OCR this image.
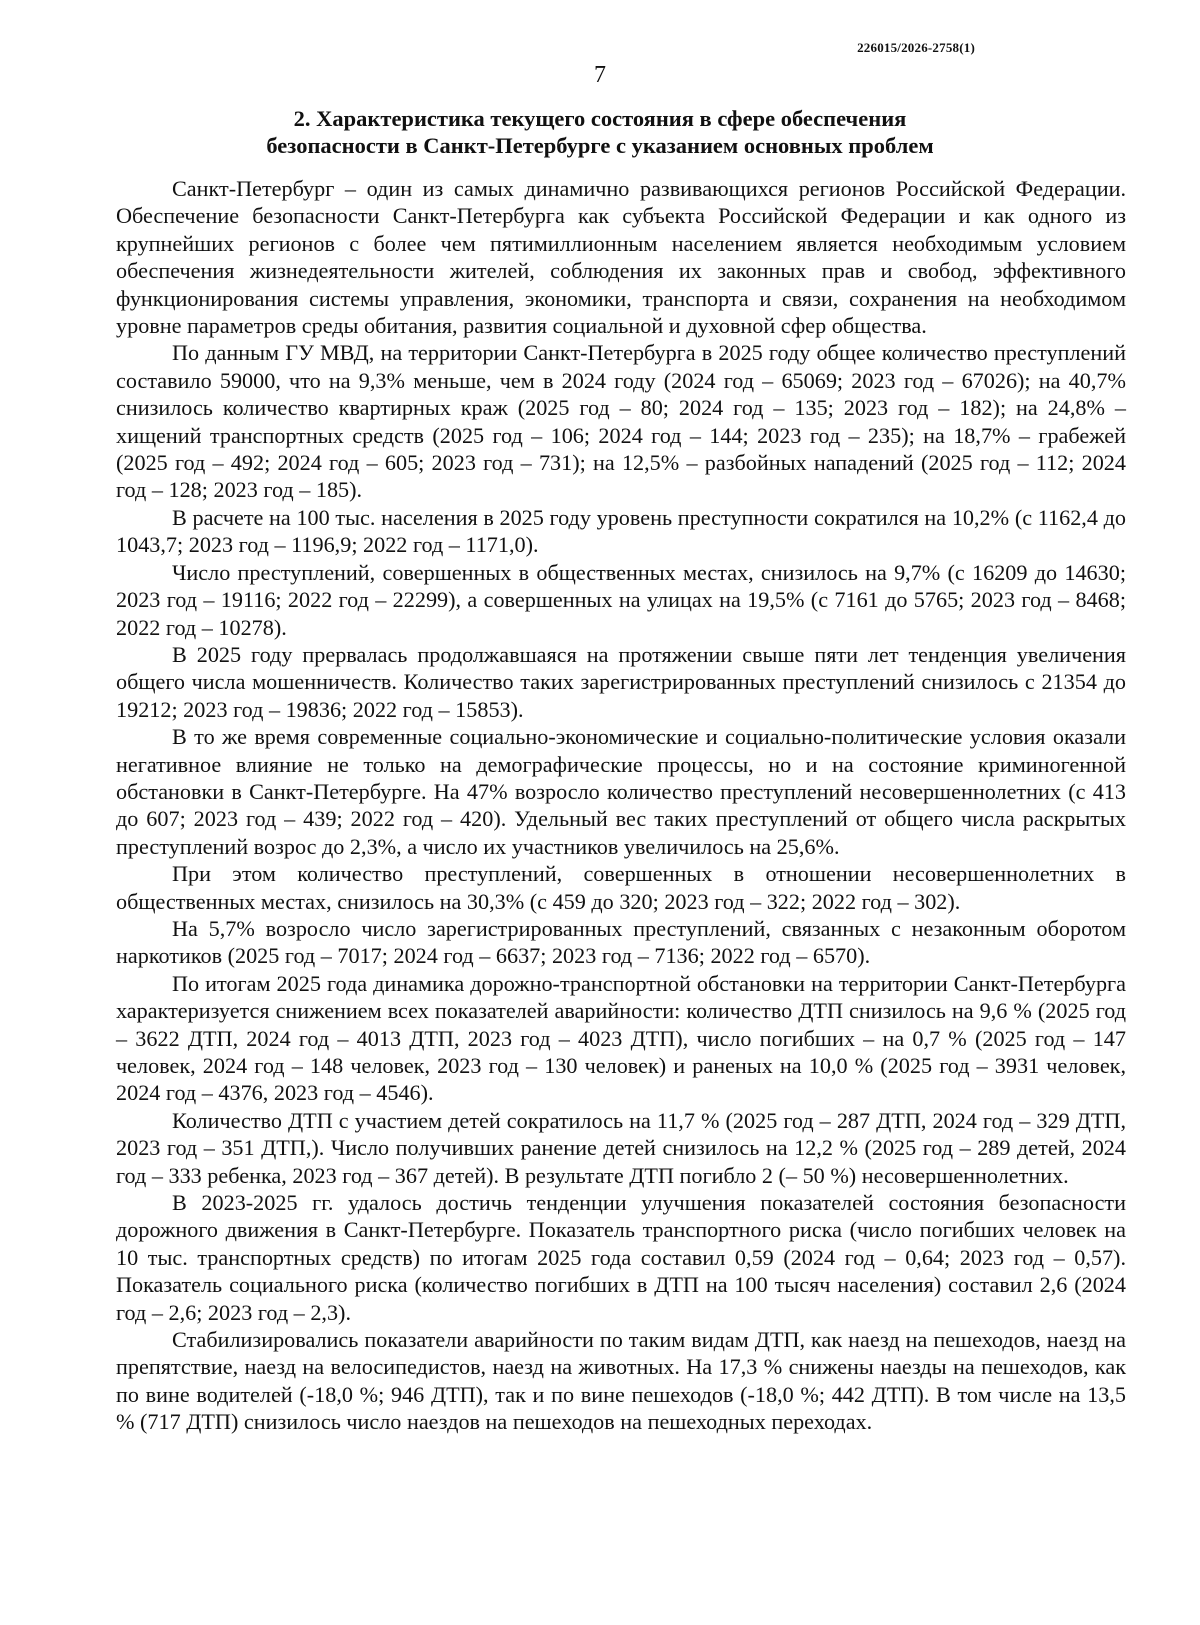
226015/2026-2758(1)
7
2. Характеристика текущего состояния в сфере обеспечения
безопасности в Санкт-Петербурге с указанием основных проблем

Санкт-Петербург – один из самых динамично развивающихся регионов Российской Федерации. Обеспечение безопасности Санкт-Петербурга как субъекта Российской Федерации и как одного из крупнейших регионов с более чем пятимиллионным населением является необходимым условием обеспечения жизнедеятельности жителей, соблюдения их законных прав и свобод, эффективного функционирования системы управления, экономики, транспорта и связи, сохранения на необходимом уровне параметров среды обитания, развития социальной и духовной сфер общества.

По данным ГУ МВД, на территории Санкт-Петербурга в 2025 году общее количество преступлений составило 59000, что на 9,3% меньше, чем в 2024 году (2024 год – 65069; 2023 год – 67026); на 40,7% снизилось количество квартирных краж (2025 год – 80; 2024 год – 135; 2023 год – 182); на 24,8% – хищений транспортных средств (2025 год – 106; 2024 год – 144; 2023 год – 235); на 18,7% – грабежей (2025 год – 492; 2024 год – 605; 2023 год – 731); на 12,5% – разбойных нападений (2025 год – 112; 2024 год – 128; 2023 год – 185).

В расчете на 100 тыс. населения в 2025 году уровень преступности сократился на 10,2% (с 1162,4 до 1043,7; 2023 год – 1196,9; 2022 год – 1171,0).

Число преступлений, совершенных в общественных местах, снизилось на 9,7% (с 16209 до 14630; 2023 год – 19116; 2022 год – 22299), а совершенных на улицах на 19,5% (с 7161 до 5765; 2023 год – 8468; 2022 год – 10278).

В 2025 году прервалась продолжавшаяся на протяжении свыше пяти лет тенденция увеличения общего числа мошенничеств. Количество таких зарегистрированных преступлений снизилось с 21354 до 19212; 2023 год – 19836; 2022 год – 15853).

В то же время современные социально-экономические и социально-политические условия оказали негативное влияние не только на демографические процессы, но и на состояние криминогенной обстановки в Санкт-Петербурге. На 47% возросло количество преступлений несовершеннолетних (с 413 до 607; 2023 год – 439; 2022 год – 420). Удельный вес таких преступлений от общего числа раскрытых преступлений возрос до 2,3%, а число их участников увеличилось на 25,6%.

При этом количество преступлений, совершенных в отношении несовершеннолетних в общественных местах, снизилось на 30,3% (с 459 до 320; 2023 год – 322; 2022 год – 302).

На 5,7% возросло число зарегистрированных преступлений, связанных с незаконным оборотом наркотиков (2025 год – 7017; 2024 год – 6637; 2023 год – 7136; 2022 год – 6570).

По итогам 2025 года динамика дорожно-транспортной обстановки на территории Санкт-Петербурга характеризуется снижением всех показателей аварийности: количество ДТП снизилось на 9,6 % (2025 год – 3622 ДТП, 2024 год – 4013 ДТП, 2023 год – 4023 ДТП), число погибших – на 0,7 % (2025 год – 147 человек, 2024 год – 148 человек, 2023 год – 130 человек) и раненых на 10,0 % (2025 год – 3931 человек, 2024 год – 4376, 2023 год – 4546).

Количество ДТП с участием детей сократилось на 11,7 % (2025 год – 287 ДТП, 2024 год – 329 ДТП, 2023 год – 351 ДТП,). Число получивших ранение детей снизилось на 12,2 % (2025 год – 289 детей, 2024 год – 333 ребенка, 2023 год – 367 детей). В результате ДТП погибло 2 (– 50 %) несовершеннолетних.

В 2023-2025 гг. удалось достичь тенденции улучшения показателей состояния безопасности дорожного движения в Санкт-Петербурге. Показатель транспортного риска (число погибших человек на 10 тыс. транспортных средств) по итогам 2025 года составил 0,59 (2024 год – 0,64; 2023 год – 0,57). Показатель социального риска (количество погибших в ДТП на 100 тысяч населения) составил 2,6 (2024 год – 2,6; 2023 год – 2,3).

Стабилизировались показатели аварийности по таким видам ДТП, как наезд на пешеходов, наезд на препятствие, наезд на велосипедистов, наезд на животных. На 17,3 % снижены наезды на пешеходов, как по вине водителей (-18,0 %; 946 ДТП), так и по вине пешеходов (-18,0 %; 442 ДТП). В том числе на 13,5 % (717 ДТП) снизилось число наездов на пешеходов на пешеходных переходах.
